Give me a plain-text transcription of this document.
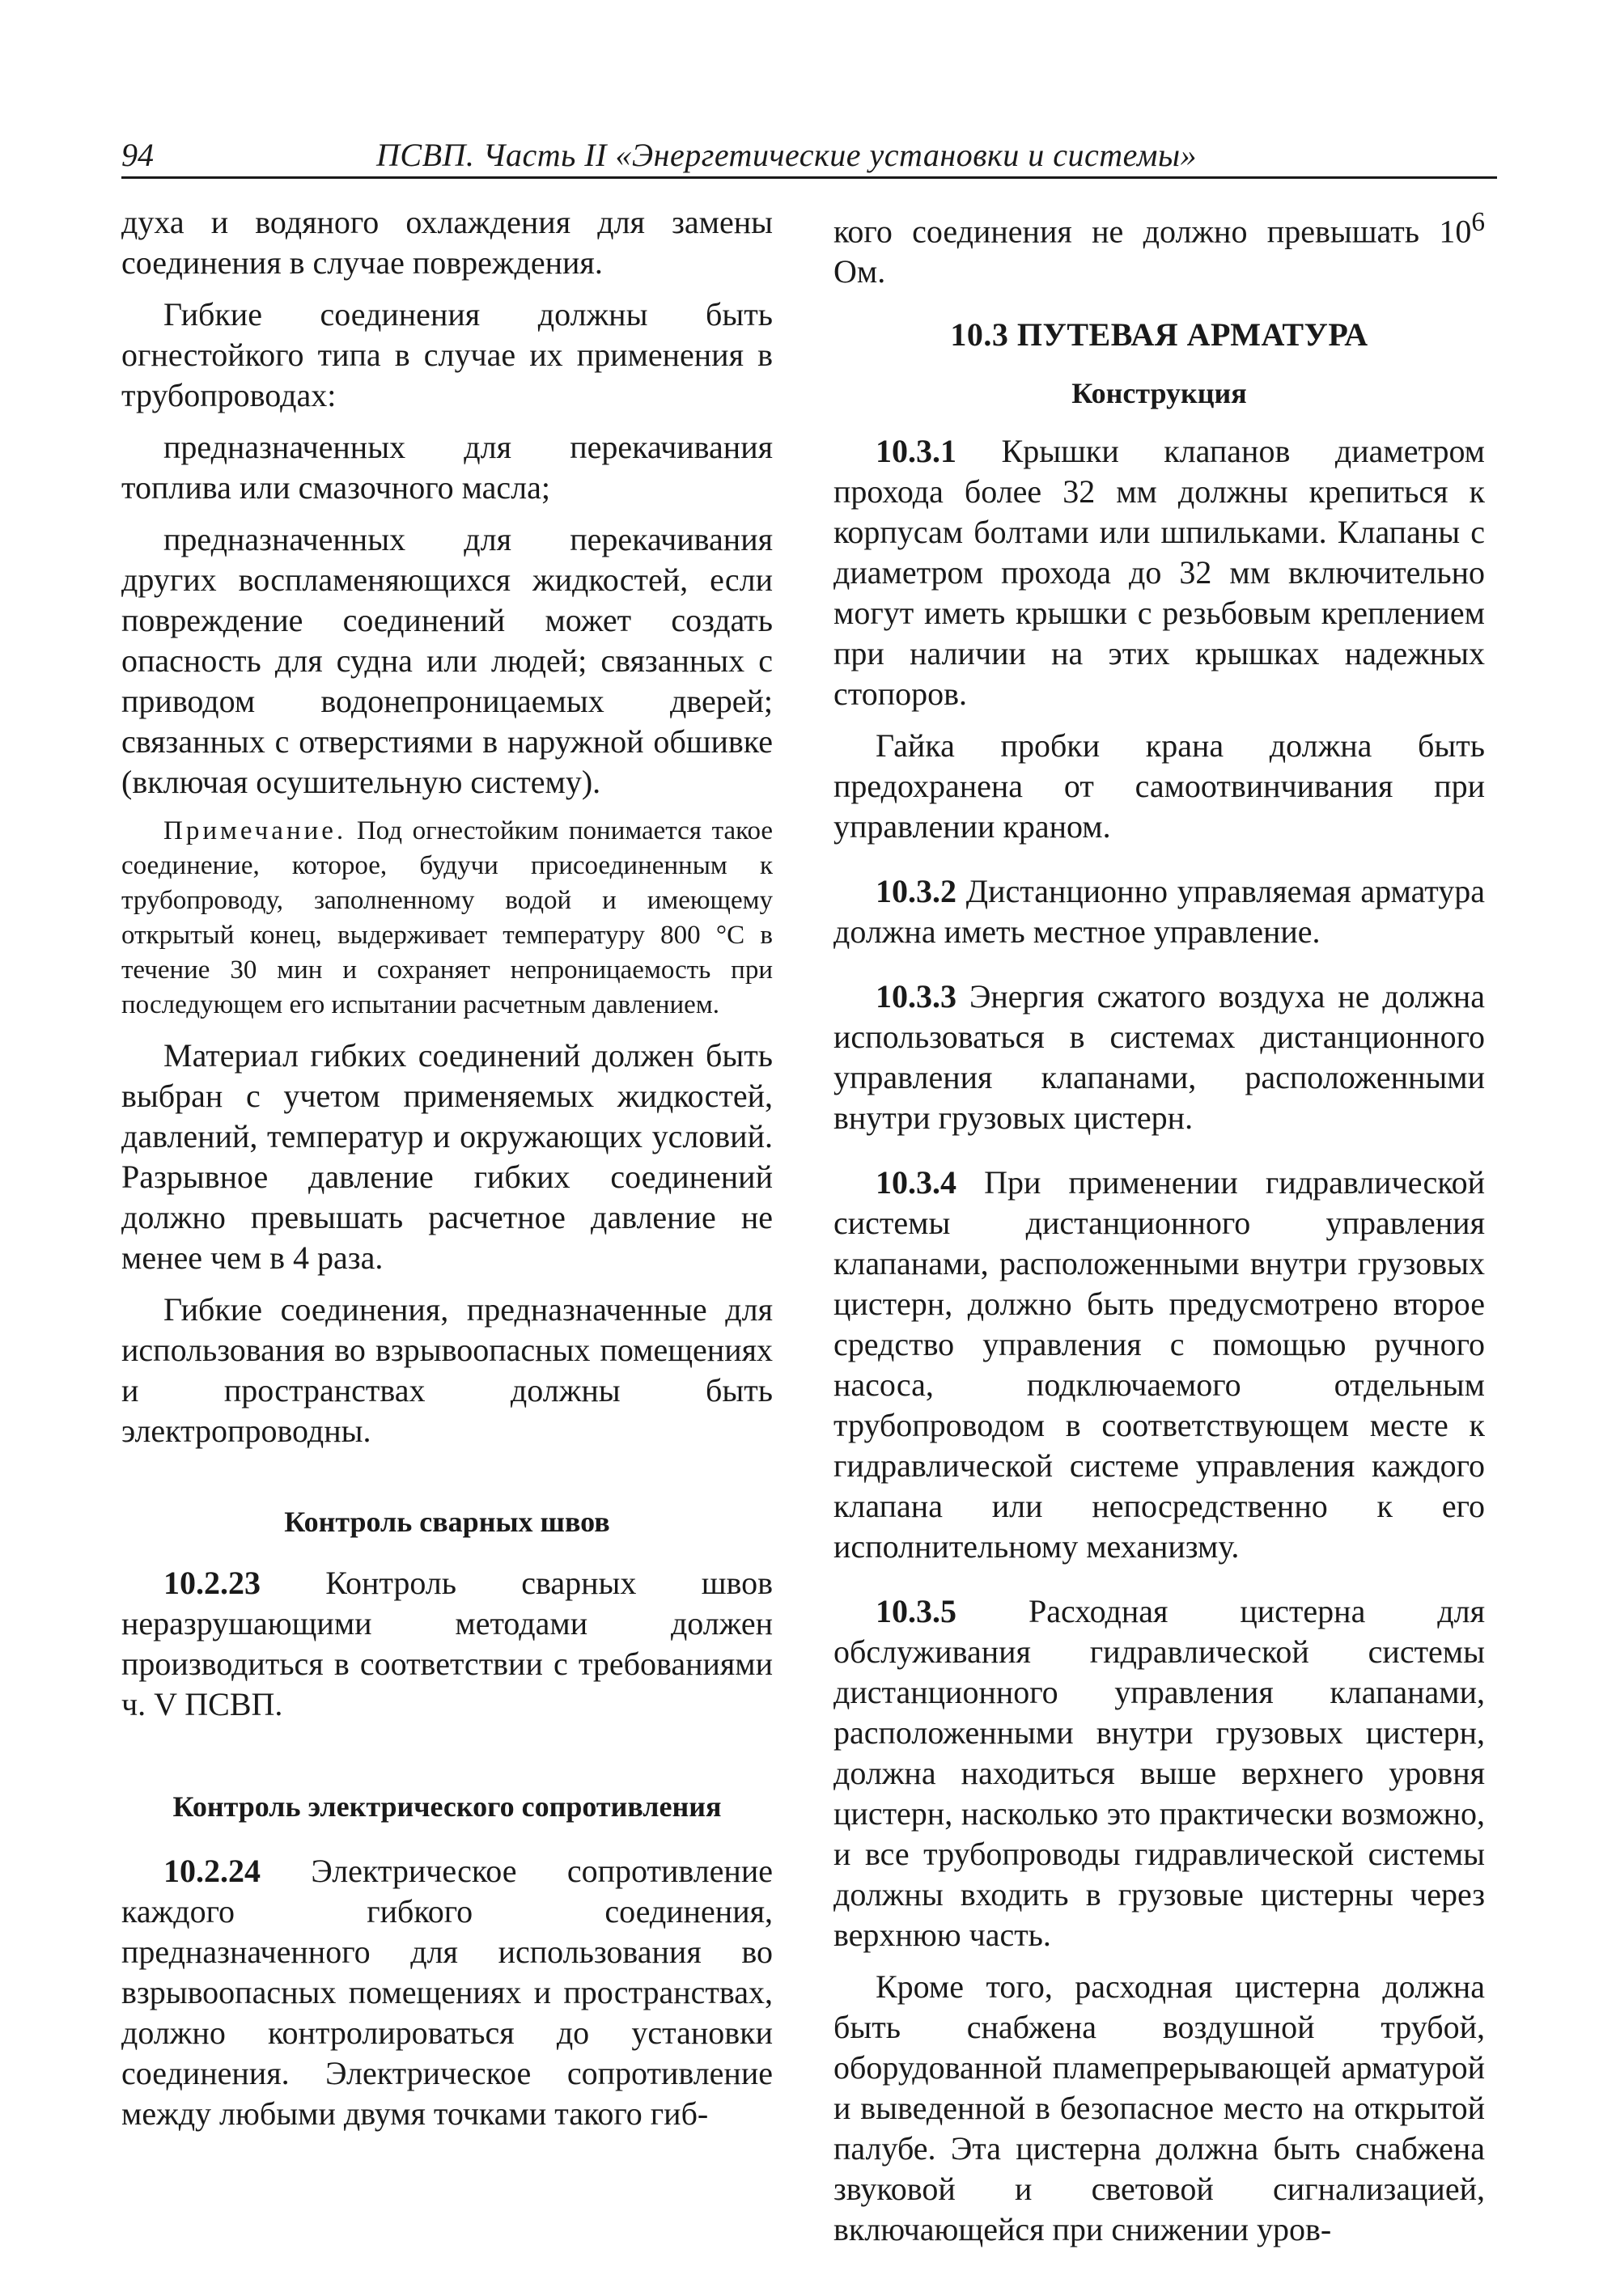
94	ПСВП. Часть II «Энергетические установки и системы»

духа и водяного охлаждения для замены соединения в случае повреждения.

Гибкие соединения должны быть огнестойкого типа в случае их применения в трубопроводах:

предназначенных для перекачивания топлива или смазочного масла;

предназначенных для перекачивания других воспламеняющихся жидкостей, если повреждение соединений может создать опасность для судна или людей; связанных с приводом водонепроницаемых дверей; связанных с отверстиями в наружной обшивке (включая осушительную систему).

Примечание. Под огнестойким понимается такое соединение, которое, будучи присоединенным к трубопроводу, заполненному водой и имеющему открытый конец, выдерживает температуру 800 °С в течение 30 мин и сохраняет непроницаемость при последующем его испытании расчетным давлением.

Материал гибких соединений должен быть выбран с учетом применяемых жидкостей, давлений, температур и окружающих условий. Разрывное давление гибких соединений должно превышать расчетное давление не менее чем в 4 раза.

Гибкие соединения, предназначенные для использования во взрывоопасных помещениях и пространствах должны быть электропроводны.

Контроль сварных швов

10.2.23 Контроль сварных швов неразрушающими методами должен производиться в соответствии с требованиями ч. V ПСВП.

Контроль электрического сопротивления

10.2.24 Электрическое сопротивление каждого гибкого соединения, предназначенного для использования во взрывоопасных помещениях и пространствах, должно контролироваться до установки соединения. Электрическое сопротивление между любыми двумя точками такого гиб-

кого соединения не должно превышать $10^6$ Ом.

10.3 ПУТЕВАЯ АРМАТУРА
Конструкция

10.3.1 Крышки клапанов диаметром прохода более 32 мм должны крепиться к корпусам болтами или шпильками. Клапаны с диаметром прохода до 32 мм включительно могут иметь крышки с резьбовым креплением при наличии на этих крышках надежных стопоров.

Гайка пробки крана должна быть предохранена от самоотвинчивания при управлении краном.

10.3.2 Дистанционно управляемая арматура должна иметь местное управление.

10.3.3 Энергия сжатого воздуха не должна использоваться в системах дистанционного управления клапанами, расположенными внутри грузовых цистерн.

10.3.4 При применении гидравлической системы дистанционного управления клапанами, расположенными внутри грузовых цистерн, должно быть предусмотрено второе средство управления с помощью ручного насоса, подключаемого отдельным трубопроводом в соответствующем месте к гидравлической системе управления каждого клапана или непосредственно к его исполнительному механизму.

10.3.5 Расходная цистерна для обслуживания гидравлической системы дистанционного управления клапанами, расположенными внутри грузовых цистерн, должна находиться выше верхнего уровня цистерн, насколько это практически возможно, и все трубопроводы гидравлической системы должны входить в грузовые цистерны через верхнюю часть.

Кроме того, расходная цистерна должна быть снабжена воздушной трубой, оборудованной пламепрерывающей арматурой и выведенной в безопасное место на открытой палубе. Эта цистерна должна быть снабжена звуковой и световой сигнализацией, включающейся при снижении уров-
